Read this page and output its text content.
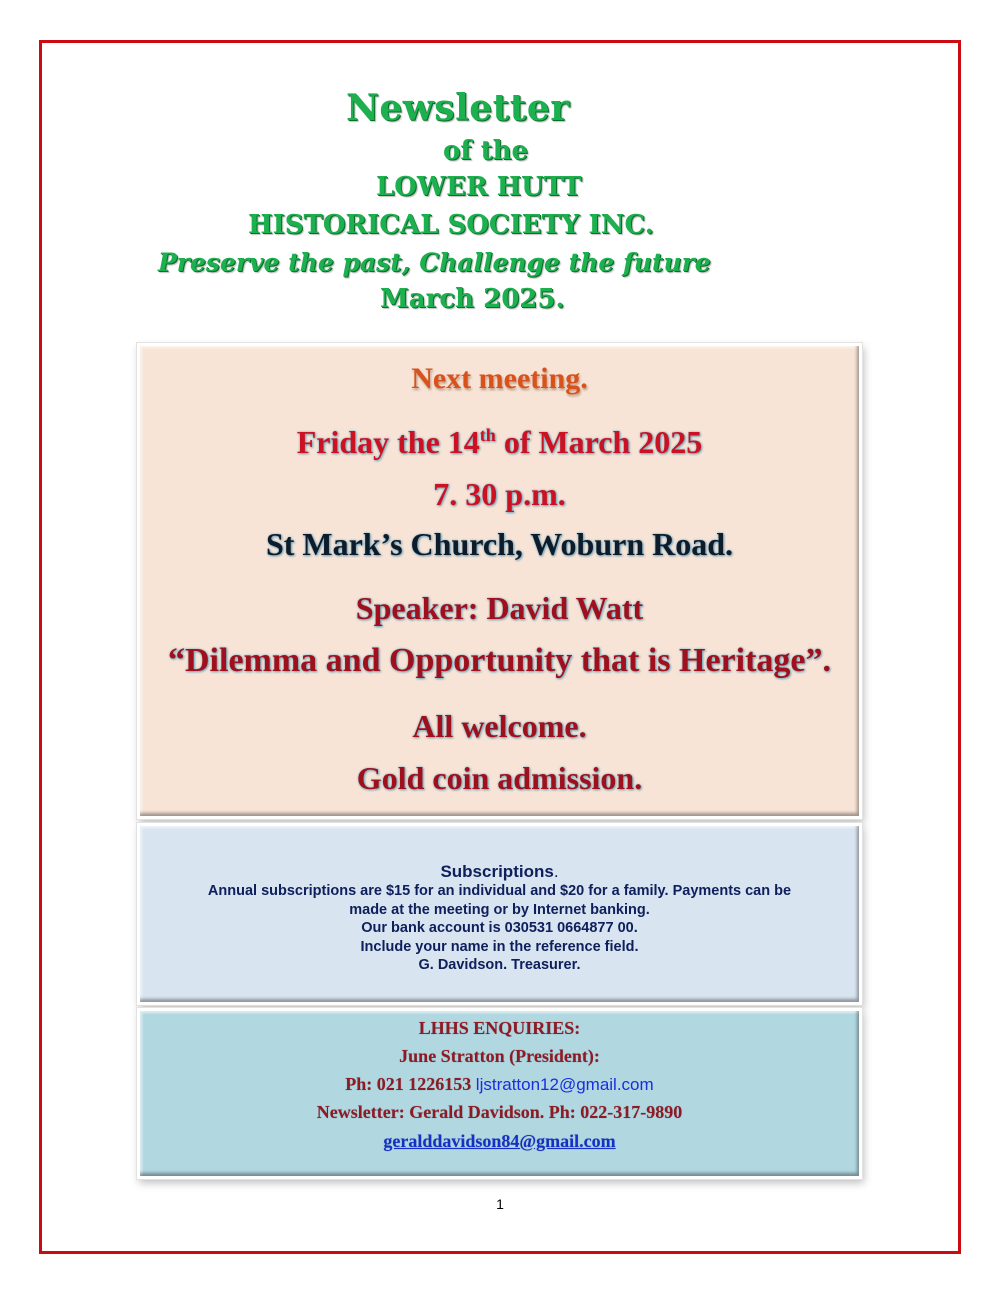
Newsletter
of the
LOWER HUTT
HISTORICAL SOCIETY INC.
Preserve the past, Challenge the future
March 2025.
Next meeting.
Friday the 14th of March 2025
7. 30 p.m.
St Mark’s Church, Woburn Road.
Speaker: David Watt
“Dilemma and Opportunity that is Heritage”.
All welcome.
Gold coin admission.
Subscriptions.
Annual subscriptions are $15 for an individual and $20 for a family. Payments can be
made at the meeting or by Internet banking.
Our bank account is 030531 0664877 00.
Include your name in the reference field.
G. Davidson. Treasurer.
LHHS ENQUIRIES:
June Stratton (President):
Ph: 021 1226153 ljstratton12@gmail.com
Newsletter: Gerald Davidson. Ph: 022-317-9890
geralddavidson84@gmail.com
1
